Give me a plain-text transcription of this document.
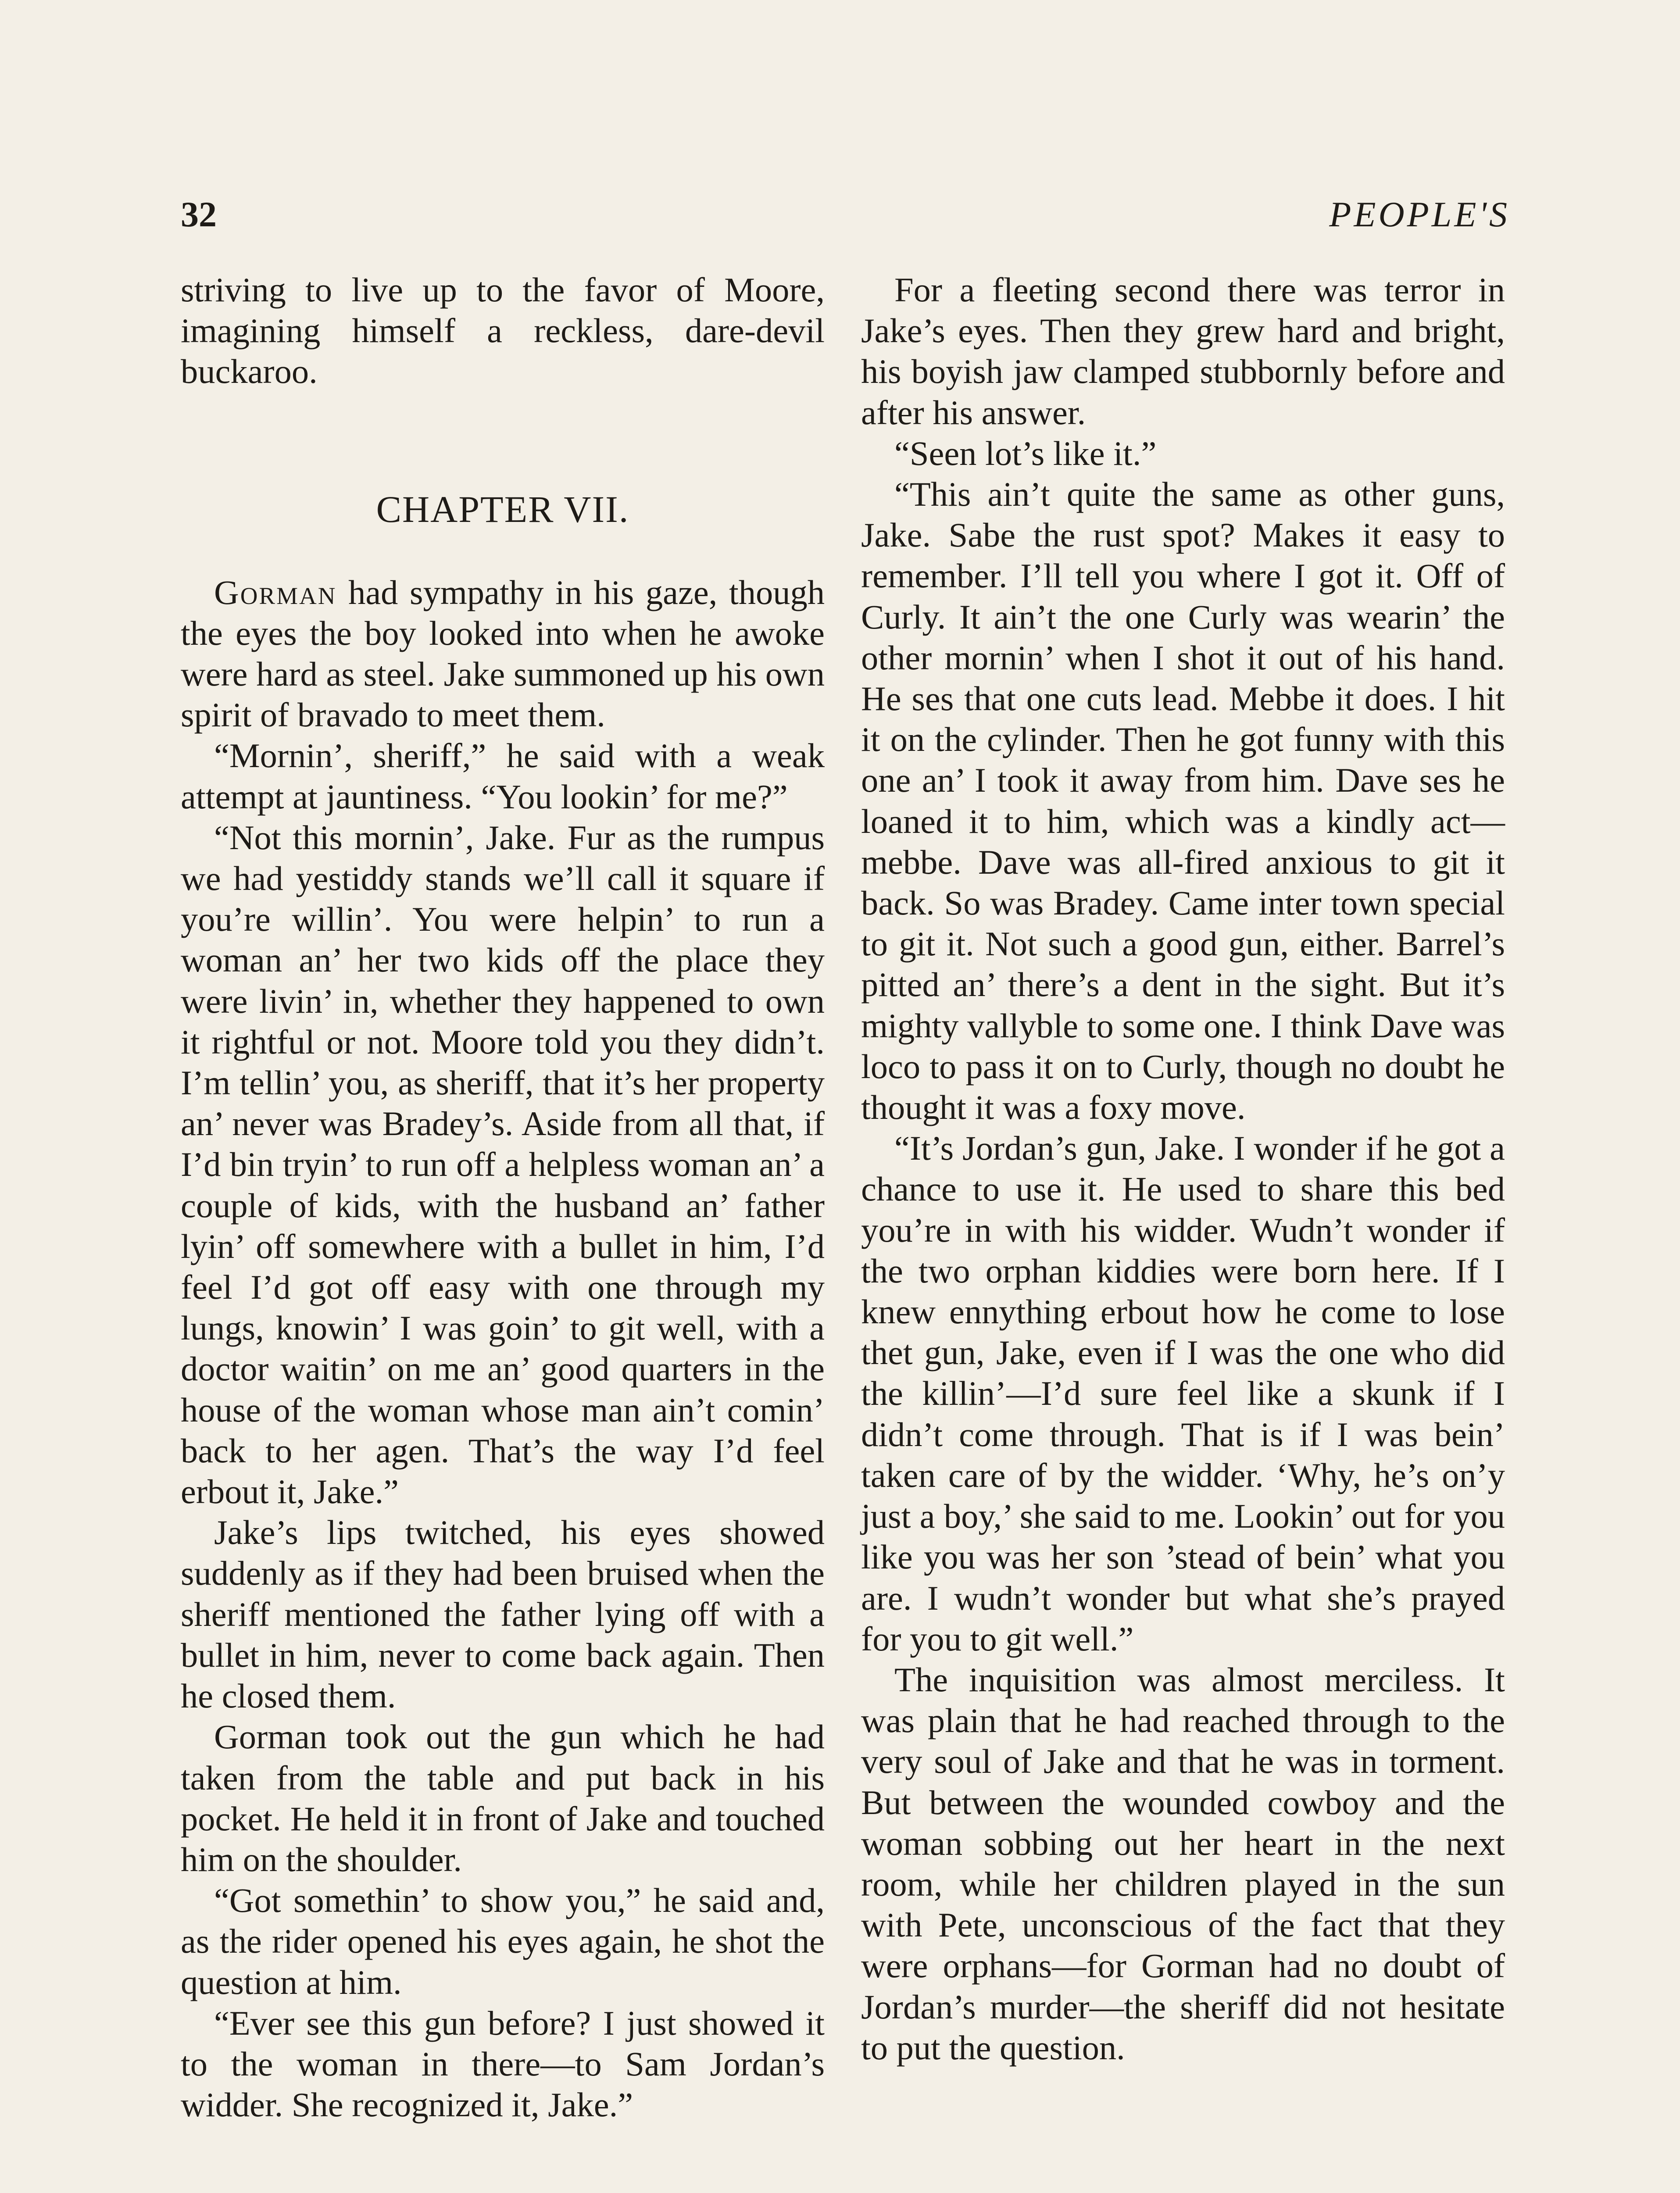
32	PEOPLE'S

striving to live up to the favor of Moore, imagining himself a reckless, dare-devil buckaroo.

CHAPTER VII.

Gorman had sympathy in his gaze, though the eyes the boy looked into when he awoke were hard as steel. Jake summoned up his own spirit of bravado to meet them.

“Mornin’, sheriff,” he said with a weak attempt at jauntiness. “You lookin’ for me?”

“Not this mornin’, Jake. Fur as the rumpus we had yestiddy stands we’ll call it square if you’re willin’. You were helpin’ to run a woman an’ her two kids off the place they were livin’ in, whether they happened to own it rightful or not. Moore told you they didn’t. I’m tellin’ you, as sheriff, that it’s her property an’ never was Bradey’s. Aside from all that, if I’d bin tryin’ to run off a helpless woman an’ a couple of kids, with the husband an’ father lyin’ off somewhere with a bullet in him, I’d feel I’d got off easy with one through my lungs, knowin’ I was goin’ to git well, with a doctor waitin’ on me an’ good quarters in the house of the woman whose man ain’t comin’ back to her agen. That’s the way I’d feel erbout it, Jake.”

Jake’s lips twitched, his eyes showed suddenly as if they had been bruised when the sheriff mentioned the father lying off with a bullet in him, never to come back again. Then he closed them.

Gorman took out the gun which he had taken from the table and put back in his pocket. He held it in front of Jake and touched him on the shoulder.

“Got somethin’ to show you,” he said and, as the rider opened his eyes again, he shot the question at him.

“Ever see this gun before? I just showed it to the woman in there—to Sam Jordan’s widder. She recognized it, Jake.”

For a fleeting second there was terror in Jake’s eyes. Then they grew hard and bright, his boyish jaw clamped stubbornly before and after his answer.

“Seen lot’s like it.”

“This ain’t quite the same as other guns, Jake. Sabe the rust spot? Makes it easy to remember. I’ll tell you where I got it. Off of Curly. It ain’t the one Curly was wearin’ the other mornin’ when I shot it out of his hand. He ses that one cuts lead. Mebbe it does. I hit it on the cylinder. Then he got funny with this one an’ I took it away from him. Dave ses he loaned it to him, which was a kindly act—mebbe. Dave was all-fired anxious to git it back. So was Bradey. Came inter town special to git it. Not such a good gun, either. Barrel’s pitted an’ there’s a dent in the sight. But it’s mighty vallyble to some one. I think Dave was loco to pass it on to Curly, though no doubt he thought it was a foxy move.

“It’s Jordan’s gun, Jake. I wonder if he got a chance to use it. He used to share this bed you’re in with his widder. Wudn’t wonder if the two orphan kiddies were born here. If I knew ennything erbout how he come to lose thet gun, Jake, even if I was the one who did the killin’—I’d sure feel like a skunk if I didn’t come through. That is if I was bein’ taken care of by the widder. ‘Why, he’s on’y just a boy,’ she said to me. Lookin’ out for you like you was her son ’stead of bein’ what you are. I wudn’t wonder but what she’s prayed for you to git well.”

The inquisition was almost merciless. It was plain that he had reached through to the very soul of Jake and that he was in torment. But between the wounded cowboy and the woman sobbing out her heart in the next room, while her children played in the sun with Pete, unconscious of the fact that they were orphans—for Gorman had no doubt of Jordan’s murder—the sheriff did not hesitate to put the question.
